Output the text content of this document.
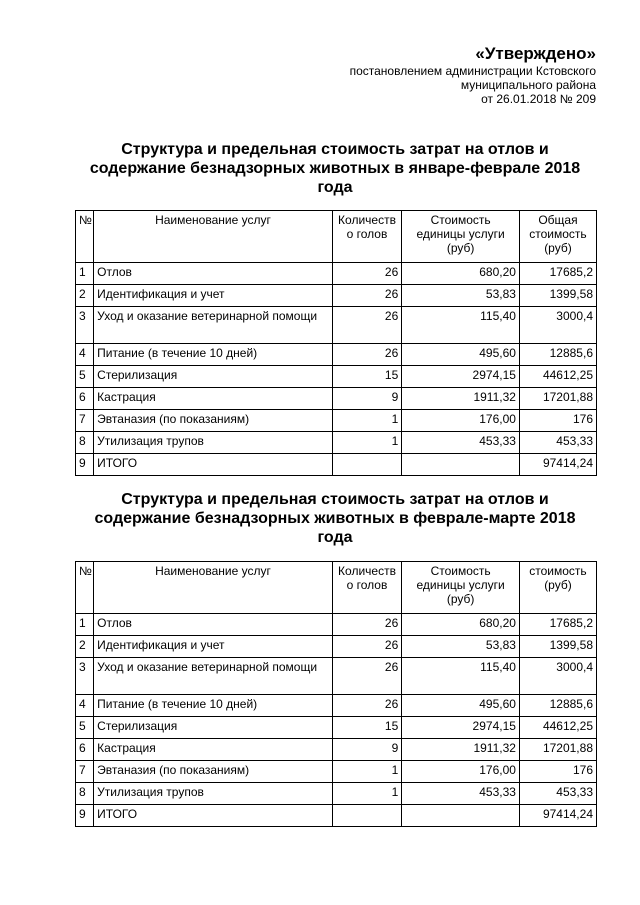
«Утверждено»
постановлением администрации Кстовского
муниципального района
от 26.01.2018 № 209
Структура и предельная стоимость затрат на отлов и
содержание безнадзорных животных в январе-феврале 2018
года
№	Наименование услуг	Количеств о голов	Стоимость единицы услуги (руб)	Общая стоимость (руб)
1	Отлов	26	680,20	17685,2
2	Идентификация и учет	26	53,83	1399,58
3	Уход и оказание ветеринарной помощи	26	115,40	3000,4
4	Питание (в течение 10 дней)	26	495,60	12885,6
5	Стерилизация	15	2974,15	44612,25
6	Кастрация	9	1911,32	17201,88
7	Эвтаназия (по показаниям)	1	176,00	176
8	Утилизация трупов	1	453,33	453,33
9	ИТОГО			97414,24
Структура и предельная стоимость затрат на отлов и
содержание безнадзорных животных в феврале-марте 2018
года
№	Наименование услуг	Количеств о голов	Стоимость единицы услуги (руб)	стоимость (руб)
1	Отлов	26	680,20	17685,2
2	Идентификация и учет	26	53,83	1399,58
3	Уход и оказание ветеринарной помощи	26	115,40	3000,4
4	Питание (в течение 10 дней)	26	495,60	12885,6
5	Стерилизация	15	2974,15	44612,25
6	Кастрация	9	1911,32	17201,88
7	Эвтаназия (по показаниям)	1	176,00	176
8	Утилизация трупов	1	453,33	453,33
9	ИТОГО			97414,24
